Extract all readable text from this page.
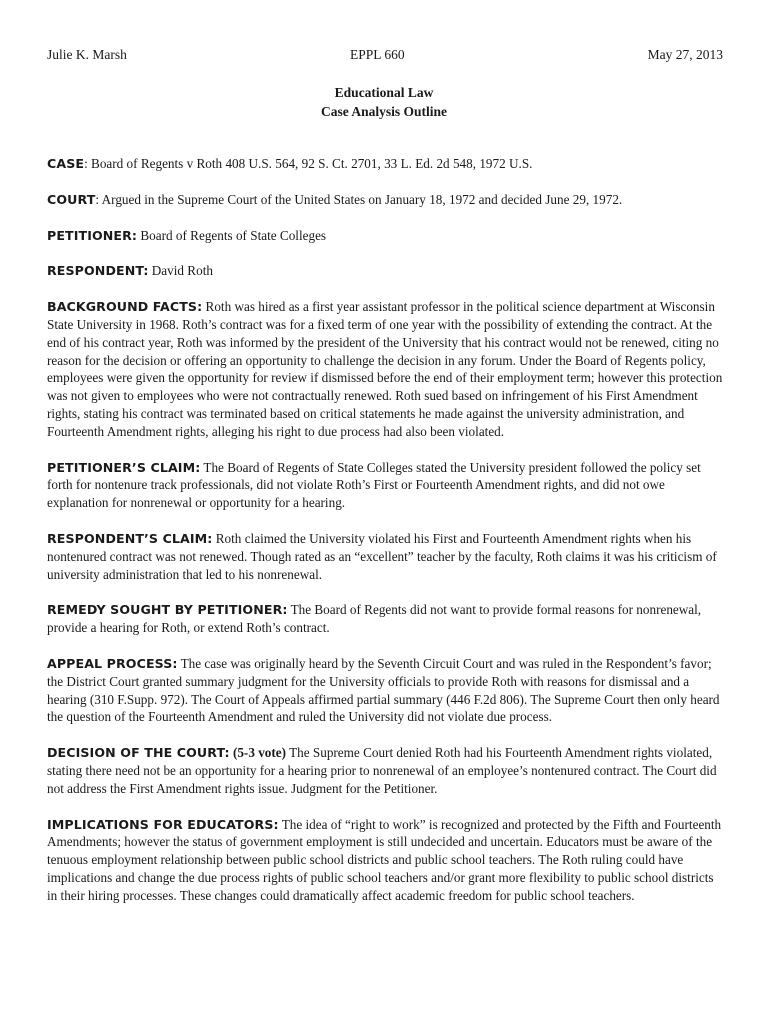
Julie K. Marsh	EPPL 660	May 27, 2013
Educational Law
Case Analysis Outline

CASE: Board of Regents v Roth 408 U.S. 564, 92 S. Ct. 2701, 33 L. Ed. 2d 548, 1972 U.S.

COURT: Argued in the Supreme Court of the United States on January 18, 1972 and decided June 29, 1972.

PETITIONER: Board of Regents of State Colleges

RESPONDENT: David Roth

BACKGROUND FACTS: Roth was hired as a first year assistant professor in the political science department at Wisconsin State University in 1968. Roth’s contract was for a fixed term of one year with the possibility of extending the contract. At the end of his contract year, Roth was informed by the president of the University that his contract would not be renewed, citing no reason for the decision or offering an opportunity to challenge the decision in any forum. Under the Board of Regents policy, employees were given the opportunity for review if dismissed before the end of their employment term; however this protection was not given to employees who were not contractually renewed. Roth sued based on infringement of his First Amendment rights, stating his contract was terminated based on critical statements he made against the university administration, and Fourteenth Amendment rights, alleging his right to due process had also been violated.

PETITIONER’S CLAIM: The Board of Regents of State Colleges stated the University president followed the policy set forth for nontenure track professionals, did not violate Roth’s First or Fourteenth Amendment rights, and did not owe explanation for nonrenewal or opportunity for a hearing.

RESPONDENT’S CLAIM: Roth claimed the University violated his First and Fourteenth Amendment rights when his nontenured contract was not renewed. Though rated as an “excellent” teacher by the faculty, Roth claims it was his criticism of university administration that led to his nonrenewal.

REMEDY SOUGHT BY PETITIONER: The Board of Regents did not want to provide formal reasons for nonrenewal, provide a hearing for Roth, or extend Roth’s contract.

APPEAL PROCESS: The case was originally heard by the Seventh Circuit Court and was ruled in the Respondent’s favor; the District Court granted summary judgment for the University officials to provide Roth with reasons for dismissal and a hearing (310 F.Supp. 972). The Court of Appeals affirmed partial summary (446 F.2d 806). The Supreme Court then only heard the question of the Fourteenth Amendment and ruled the University did not violate due process.

DECISION OF THE COURT: (5-3 vote) The Supreme Court denied Roth had his Fourteenth Amendment rights violated, stating there need not be an opportunity for a hearing prior to nonrenewal of an employee’s nontenured contract. The Court did not address the First Amendment rights issue. Judgment for the Petitioner.

IMPLICATIONS FOR EDUCATORS: The idea of “right to work” is recognized and protected by the Fifth and Fourteenth Amendments; however the status of government employment is still undecided and uncertain. Educators must be aware of the tenuous employment relationship between public school districts and public school teachers. The Roth ruling could have implications and change the due process rights of public school teachers and/or grant more flexibility to public school districts in their hiring processes. These changes could dramatically affect academic freedom for public school teachers.
